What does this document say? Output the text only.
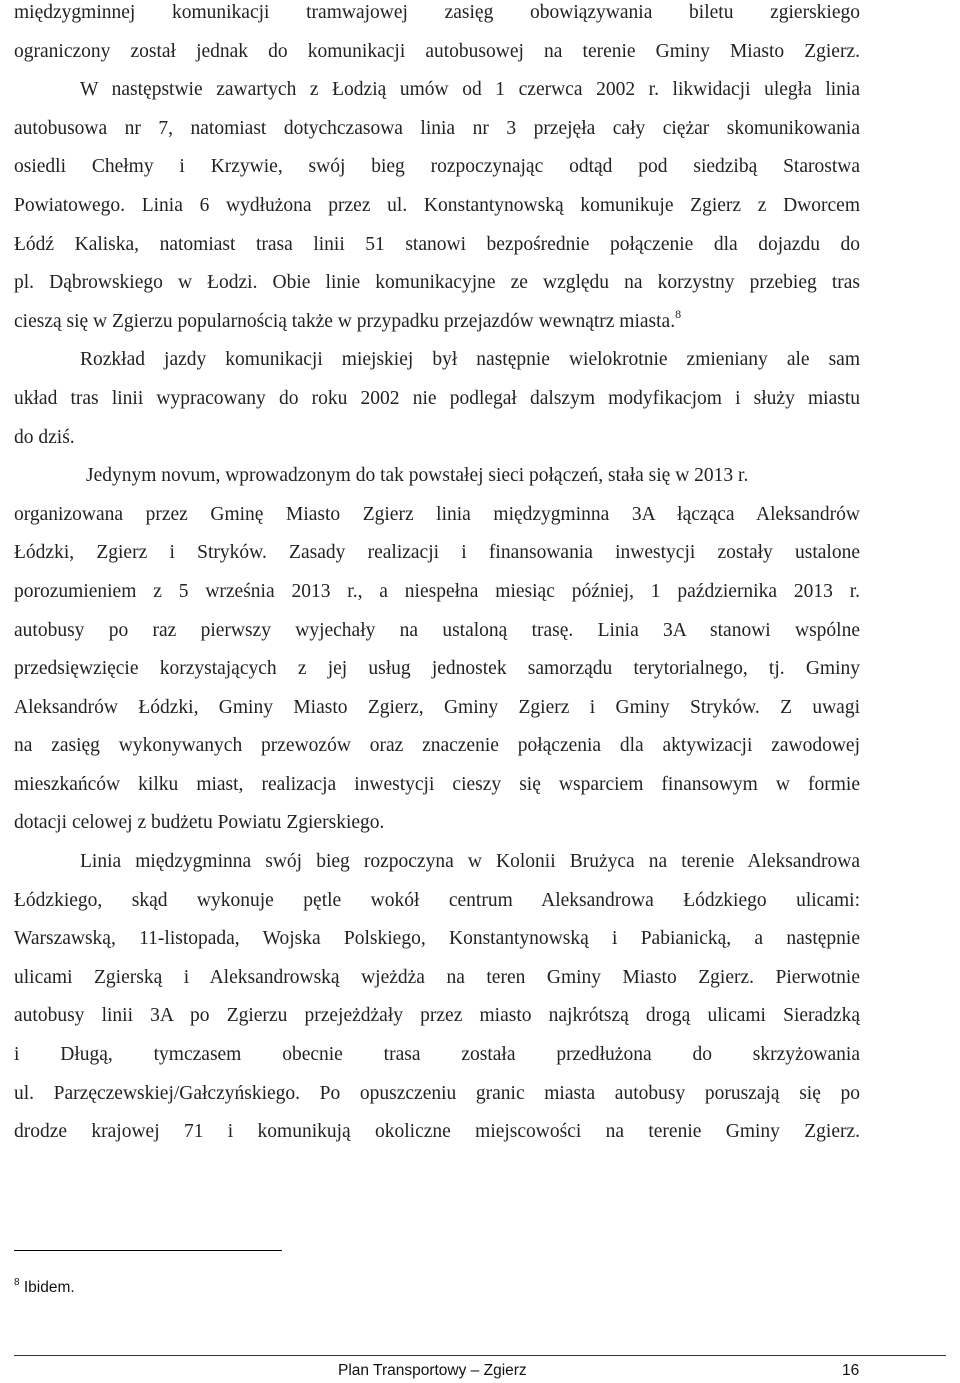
międzygminnej komunikacji tramwajowej zasięg obowiązywania biletu zgierskiego
ograniczony został jednak do komunikacji autobusowej na terenie Gminy Miasto Zgierz.
W następstwie zawartych z Łodzią umów od 1 czerwca 2002 r. likwidacji uległa linia
autobusowa nr 7, natomiast dotychczasowa linia nr 3 przejęła cały ciężar skomunikowania
osiedli Chełmy i Krzywie, swój bieg rozpoczynając odtąd pod siedzibą Starostwa
Powiatowego. Linia 6 wydłużona przez ul. Konstantynowską komunikuje Zgierz z Dworcem
Łódź Kaliska, natomiast trasa linii 51 stanowi bezpośrednie połączenie dla dojazdu do
pl. Dąbrowskiego w Łodzi. Obie linie komunikacyjne ze względu na korzystny przebieg tras
cieszą się w Zgierzu popularnością także w przypadku przejazdów wewnątrz miasta.$^8$
Rozkład jazdy komunikacji miejskiej był następnie wielokrotnie zmieniany ale sam
układ tras linii wypracowany do roku 2002 nie podlegał dalszym modyfikacjom i służy miastu
do dziś.
Jedynym novum, wprowadzonym do tak powstałej sieci połączeń, stała się w 2013 r.
organizowana przez Gminę Miasto Zgierz linia międzygminna 3A łącząca Aleksandrów
Łódzki, Zgierz i Stryków. Zasady realizacji i finansowania inwestycji zostały ustalone
porozumieniem z 5 września 2013 r., a niespełna miesiąc później, 1 października 2013 r.
autobusy po raz pierwszy wyjechały na ustaloną trasę. Linia 3A stanowi wspólne
przedsięwzięcie korzystających z jej usług jednostek samorządu terytorialnego, tj. Gminy
Aleksandrów Łódzki, Gminy Miasto Zgierz, Gminy Zgierz i Gminy Stryków. Z uwagi
na zasięg wykonywanych przewozów oraz znaczenie połączenia dla aktywizacji zawodowej
mieszkańców kilku miast, realizacja inwestycji cieszy się wsparciem finansowym w formie
dotacji celowej z budżetu Powiatu Zgierskiego.
Linia międzygminna swój bieg rozpoczyna w Kolonii Brużyca na terenie Aleksandrowa
Łódzkiego, skąd wykonuje pętle wokół centrum Aleksandrowa Łódzkiego ulicami:
Warszawską, 11-listopada, Wojska Polskiego, Konstantynowską i Pabianicką, a następnie
ulicami Zgierską i Aleksandrowską wjeżdża na teren Gminy Miasto Zgierz. Pierwotnie
autobusy linii 3A po Zgierzu przejeżdżały przez miasto najkrótszą drogą ulicami Sieradzką
i Długą, tymczasem obecnie trasa została przedłużona do skrzyżowania
ul. Parzęczewskiej/Gałczyńskiego. Po opuszczeniu granic miasta autobusy poruszają się po
drodze krajowej 71 i komunikują okoliczne miejscowości na terenie Gminy Zgierz.
$^8$ Ibidem.
Plan Transportowy – Zgierz	16
